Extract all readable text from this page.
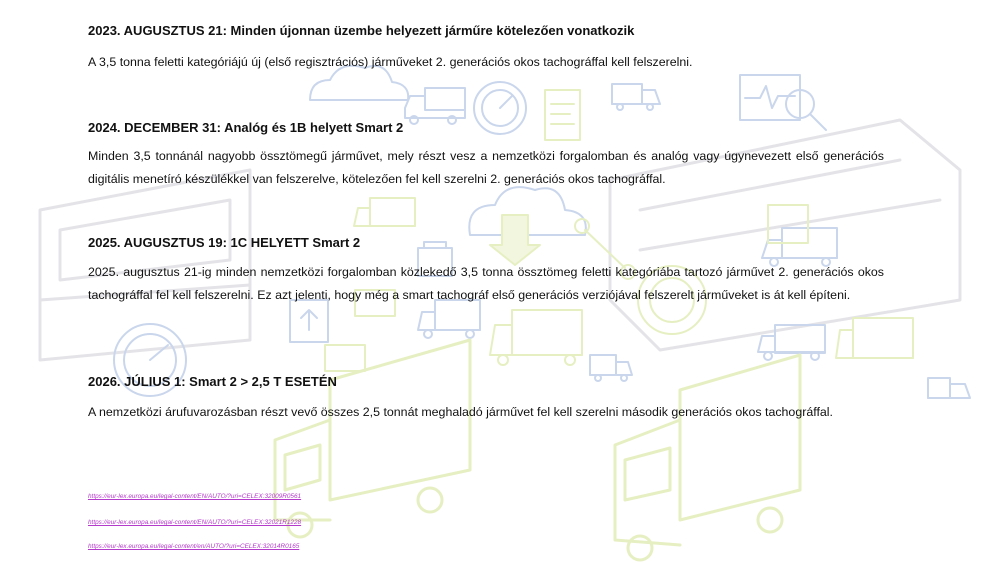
2023. AUGUSZTUS 21: Minden újonnan üzembe helyezett járműre kötelezően vonatkozik

A 3,5 tonna feletti kategóriájú új (első regisztrációs) járműveket 2. generációs okos tachográffal kell felszerelni.

2024. DECEMBER 31: Analóg és 1B helyett Smart 2

Minden 3,5 tonnánál nagyobb össztömegű járművet, mely részt vesz a nemzetközi forgalomban és analóg vagy úgynevezett első generációs digitális menetíró készülékkel van felszerelve, kötelezően fel kell szerelni 2. generációs okos tachográffal.

2025. AUGUSZTUS 19: 1C HELYETT Smart 2

2025. augusztus 21-ig minden nemzetközi forgalomban közlekedő 3,5 tonna össztömeg feletti kategóriába tartozó járművet 2. generációs okos tachográffal fel kell felszerelni. Ez azt jelenti, hogy még a smart tachográf első generációs verziójával felszerelt járműveket is át kell építeni.

2026. JÚLIUS 1: Smart 2 > 2,5 T ESETÉN

A nemzetközi árufuvarozásban részt vevő összes 2,5 tonnát meghaladó járművet fel kell szerelni második generációs okos tachográffal.

https://eur-lex.europa.eu/legal-content/EN/AUTO/?uri=CELEX:32009R0561
https://eur-lex.europa.eu/legal-content/EN/AUTO/?uri=CELEX:32021R1228
https://eur-lex.europa.eu/legal-content/en/AUTO/?uri=CELEX:32014R0165
